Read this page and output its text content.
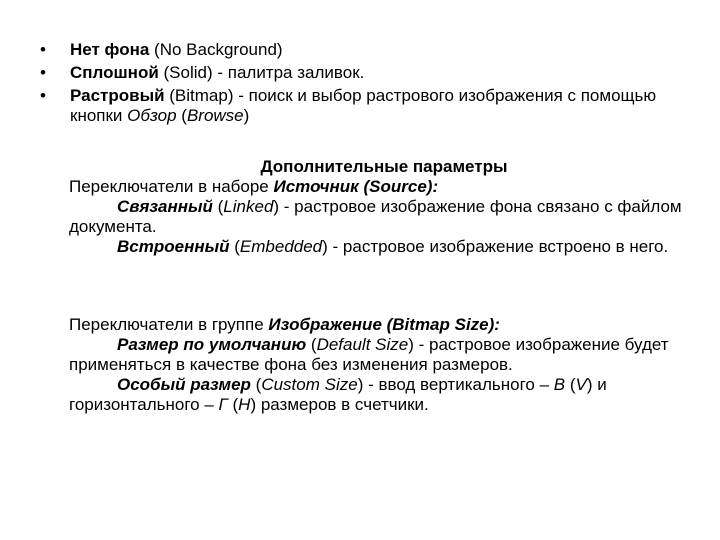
•	Нет фона (No Background)
•	Сплошной (Solid) - палитра заливок.
•	Растровый (Bitmap) - поиск и выбор растрового изображения с помощью кнопки Обзор (Browse)
Дополнительные параметры
Переключатели в наборе Источник (Source):
Связанный (Linked) - растровое изображение фона связано с файлом документа.
Встроенный (Embedded) - растровое изображение встроено в него.
Переключатели в группе Изображение (Bitmap Size):
Размер по умолчанию (Default Size) - растровое изображение будет применяться в качестве фона без изменения размеров.
Особый размер (Custom Size) - ввод вертикального – В (V) и горизонтального – Г (H) размеров в счетчики.
